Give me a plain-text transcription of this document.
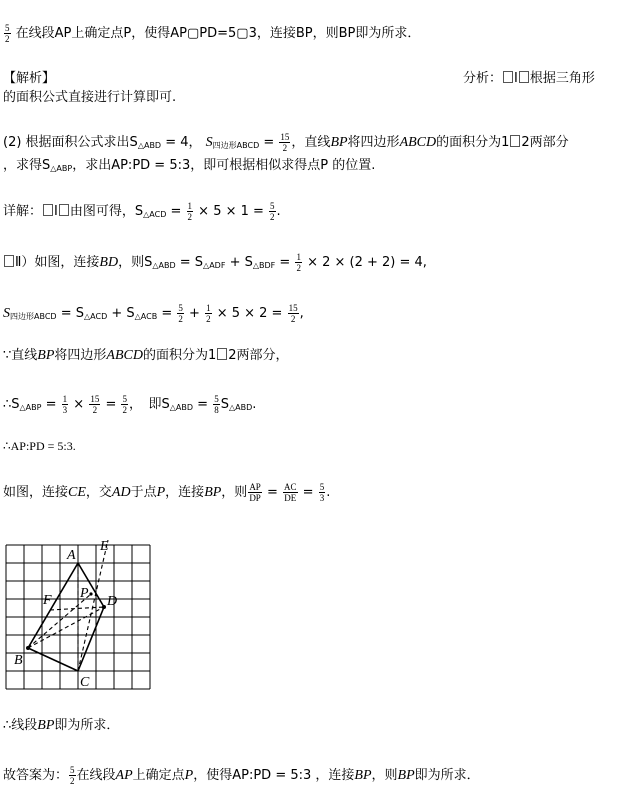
$\frac{5}{2}$ 在线段AP上确定点P，使得AP▢PD=5▢3，连接BP，则BP即为所求．
【解析】	分析： Ⅰ 根据三角形
的面积公式直接进行计算即可.
(2) 根据面积公式求出$S_{\triangle ABD} = 4$， $S_{四边形ABCD} = \frac{15}{2}$ ，直线BP将四边形ABCD的面积分为1 2两部分
，求得$S_{\triangle ABP}$，求出AP:PD = 5:3，即可根据相似求得点P 的位置.
详解： Ⅰ 由图可得，$S_{\triangle ACD} = \frac{1}{2} \times 5 \times 1 = \frac{5}{2}$ .
Ⅱ）如图，连接BD，则$S_{\triangle ABD} = S_{\triangle ADF} + S_{\triangle BDF} = \frac{1}{2} \times 2 \times (2 + 2) = 4$,
$S_{四边形ABCD} = S_{\triangle ACD} + S_{\triangle ACB} = \frac{5}{2} + \frac{1}{2} \times 5 \times 2 = \frac{15}{2}$ ,
∵直线BP将四边形ABCD的面积分为1 2两部分，
$\therefore S_{\triangle ABP} = \frac{1}{3} \times \frac{15}{2} = \frac{5}{2}$ ，　即$S_{\triangle ABD} = \frac{5}{8} S_{\triangle ABD}$.
∴AP:PD = 5:3.
如图，连接CE，交AD于点P，连接BP，则 $\frac{AP}{DP} = \frac{AC}{DE} = \frac{5}{3}$ .
A
E
F P
D
B
C
∴线段BP即为所求．
故答案为： $\frac{5}{2}$ 在线段AP上确定点P，使得AP:PD = 5:3 ，连接BP，则BP即为所求．
